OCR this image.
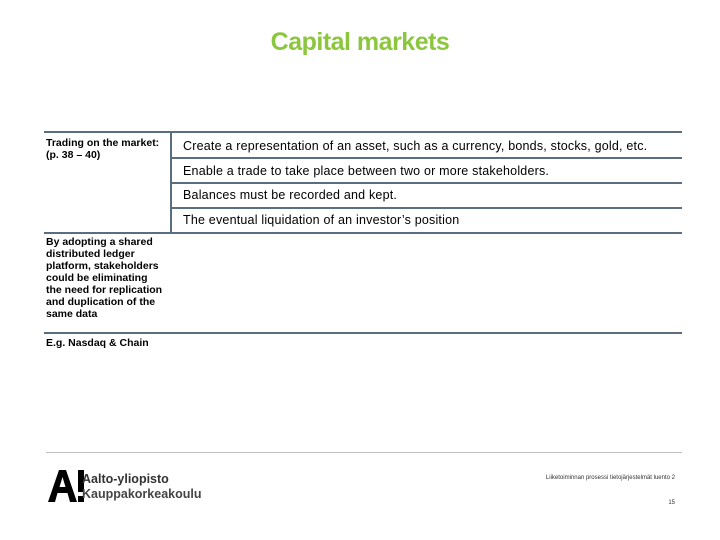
Capital markets
Trading on the market:
(p. 38 – 40)
Create a representation of an asset, such as a currency, bonds, stocks, gold, etc.
Enable a trade to take place between two or more stakeholders.
Balances must be recorded and kept.
The eventual liquidation of an investor’s position
By adopting a shared
distributed ledger
platform, stakeholders
could be eliminating
the need for replication
and duplication of the
same data
E.g. Nasdaq & Chain
Aalto-yliopisto
Kauppakorkeakoulu
Liiketoiminnan prosessi tietojärjestelmät luento 2
15
